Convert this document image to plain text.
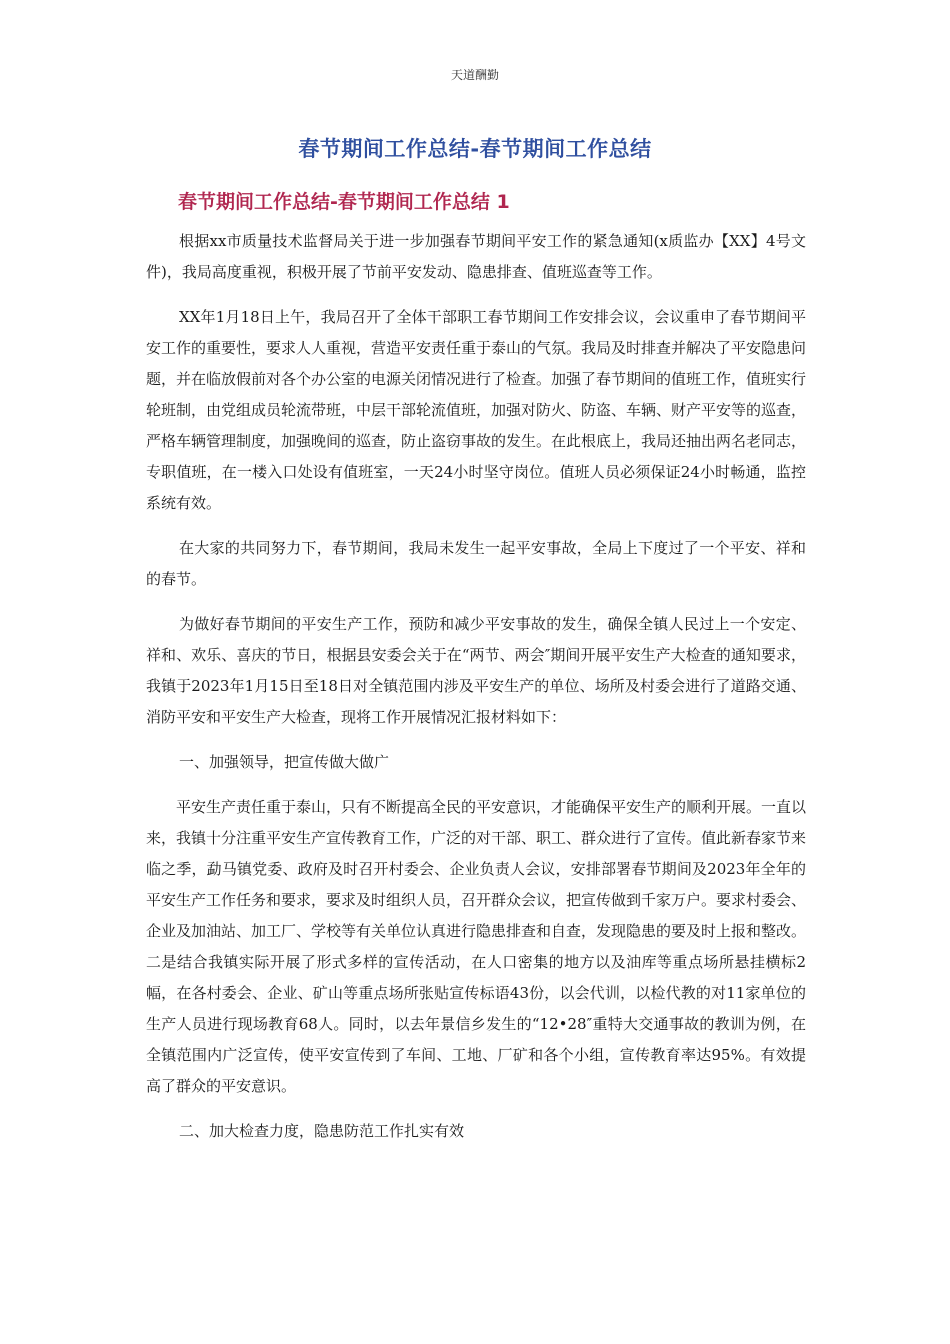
天道酬勤
春节期间工作总结-春节期间工作总结
春节期间工作总结-春节期间工作总结 1

根据xx市质量技术监督局关于进一步加强春节期间平安工作的紧急通知(x质监办【XX】4号文件)，我局高度重视，积极开展了节前平安发动、隐患排查、值班巡查等工作。

XX年1月18日上午，我局召开了全体干部职工春节期间工作安排会议，会议重申了春节期间平安工作的重要性，要求人人重视，营造平安责任重于泰山的气氛。我局及时排查并解决了平安隐患问题，并在临放假前对各个办公室的电源关闭情况进行了检查。加强了春节期间的值班工作，值班实行轮班制，由党组成员轮流带班，中层干部轮流值班，加强对防火、防盗、车辆、财产平安等的巡查，严格车辆管理制度，加强晚间的巡查，防止盗窃事故的发生。在此根底上，我局还抽出两名老同志，专职值班，在一楼入口处设有值班室，一天24小时坚守岗位。值班人员必须保证24小时畅通，监控系统有效。

在大家的共同努力下，春节期间，我局未发生一起平安事故，全局上下度过了一个平安、祥和的春节。

为做好春节期间的平安生产工作，预防和减少平安事故的发生，确保全镇人民过上一个安定、祥和、欢乐、喜庆的节日，根据县安委会关于在“两节、两会″期间开展平安生产大检查的通知要求，我镇于2023年1月15日至18日对全镇范围内涉及平安生产的单位、场所及村委会进行了道路交通、消防平安和平安生产大检查，现将工作开展情况汇报材料如下：

一、加强领导，把宣传做大做广

平安生产责任重于泰山，只有不断提高全民的平安意识，才能确保平安生产的顺利开展。一直以来，我镇十分注重平安生产宣传教育工作，广泛的对干部、职工、群众进行了宣传。值此新春家节来临之季，勐马镇党委、政府及时召开村委会、企业负责人会议，安排部署春节期间及2023年全年的平安生产工作任务和要求，要求及时组织人员，召开群众会议，把宣传做到千家万户。要求村委会、企业及加油站、加工厂、学校等有关单位认真进行隐患排查和自查，发现隐患的要及时上报和整改。二是结合我镇实际开展了形式多样的宣传活动，在人口密集的地方以及油库等重点场所悬挂横标2幅，在各村委会、企业、矿山等重点场所张贴宣传标语43份，以会代训，以检代教的对11家单位的生产人员进行现场教育68人。同时，以去年景信乡发生的“12•28″重特大交通事故的教训为例，在全镇范围内广泛宣传，使平安宣传到了车间、工地、厂矿和各个小组，宣传教育率达95%。有效提高了群众的平安意识。

二、加大检查力度，隐患防范工作扎实有效
